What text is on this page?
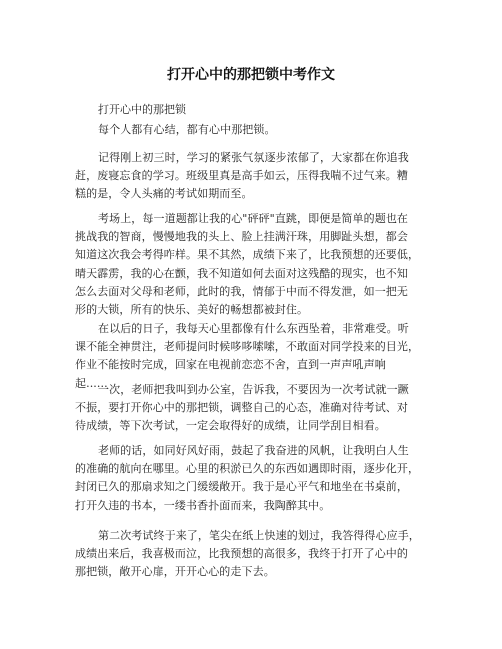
打开心中的那把锁中考作文
打开心中的那把锁
每个人都有心结，都有心中那把锁。
记得刚上初三时，学习的紧张气氛逐步浓郁了，大家都在你追我
赶，废寝忘食的学习。班级里真是高手如云，压得我喘不过气来。糟
糕的是，令人头痛的考试如期而至。
考场上，每一道题都让我的心"砰砰"直跳，即便是简单的题也在
挑战我的智商，慢慢地我的头上、脸上挂满汗珠，用脚趾头想，都会
知道这次我会考得咋样。果不其然，成绩下来了，比我预想的还要低，
晴天霹雳，我的心在颤，我不知道如何去面对这残酷的现实，也不知
怎么去面对父母和老师，此时的我，情郁于中而不得发泄，如一把无
形的大锁，所有的快乐、美好的畅想都被封住。
在以后的日子，我每天心里都像有什么东西坠着，非常难受。听
课不能全神贯注，老师提问时候哆哆嗦嗦，不敢面对同学投来的目光，
作业不能按时完成，回家在电视前恋恋不舍，直到一声声吼声响
起......
一次，老师把我叫到办公室，告诉我，不要因为一次考试就一蹶
不振，要打开你心中的那把锁，调整自己的心态，准确对待考试、对
待成绩，等下次考试，一定会取得好的成绩，让同学刮目相看。
老师的话，如同好风好雨，鼓起了我奋进的风帆，让我明白人生
的准确的航向在哪里。心里的积淤已久的东西如遇即时雨，逐步化开，
封闭已久的那扇求知之门缓缓敞开。我于是心平气和地坐在书桌前，
打开久违的书本，一缕书香扑面而来，我陶醉其中。
第二次考试终于来了，笔尖在纸上快速的划过，我答得得心应手，
成绩出来后，我喜极而泣，比我预想的高很多，我终于打开了心中的
那把锁，敞开心扉，开开心心的走下去。
